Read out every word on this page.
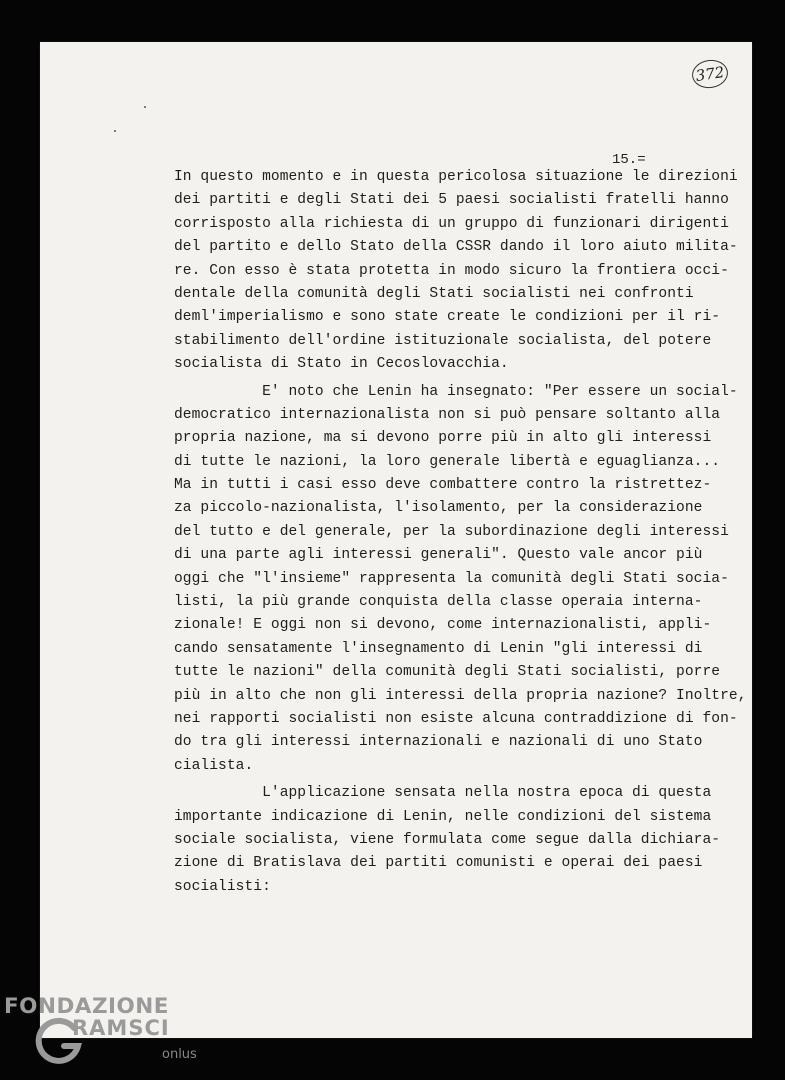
372
15.=
In questo momento e in questa pericolosa situazione le direzioni
dei partiti e degli Stati dei 5 paesi socialisti fratelli hanno
corrisposto alla richiesta di un gruppo di funzionari dirigenti
del partito e dello Stato della CSSR dando il loro aiuto milita-
re. Con esso è stata protetta in modo sicuro la frontiera occi-
dentale della comunità degli Stati socialisti nei confronti
deml'imperialismo e sono state create le condizioni per il ri-
stabilimento dell'ordine istituzionale socialista, del potere
socialista di Stato in Cecoslovacchia.
E' noto che Lenin ha insegnato: "Per essere un social-
democratico internazionalista non si può pensare soltanto alla
propria nazione, ma si devono porre più in alto gli interessi
di tutte le nazioni, la loro generale libertà e eguaglianza...
Ma in tutti i casi esso deve combattere contro la ristrettez-
za piccolo-nazionalista, l'isolamento, per la considerazione
del tutto e del generale, per la subordinazione degli interessi
di una parte agli interessi generali". Questo vale ancor più
oggi che "l'insieme" rappresenta la comunità degli Stati socia-
listi, la più grande conquista della classe operaia interna-
zionale! E oggi non si devono, come internazionalisti, appli-
cando sensatamente l'insegnamento di Lenin "gli interessi di
tutte le nazioni" della comunità degli Stati socialisti, porre
più in alto che non gli interessi della propria nazione? Inoltre,
nei rapporti socialisti non esiste alcuna contraddizione di fon-
do tra gli interessi internazionali e nazionali di uno Stato
cialista.
L'applicazione sensata nella nostra epoca di questa
importante indicazione di Lenin, nelle condizioni del sistema
sociale socialista, viene formulata come segue dalla dichiara-
zione di Bratislava dei partiti comunisti e operai dei paesi
socialisti:
FONDAZIONE
RAMSCI
onlus
